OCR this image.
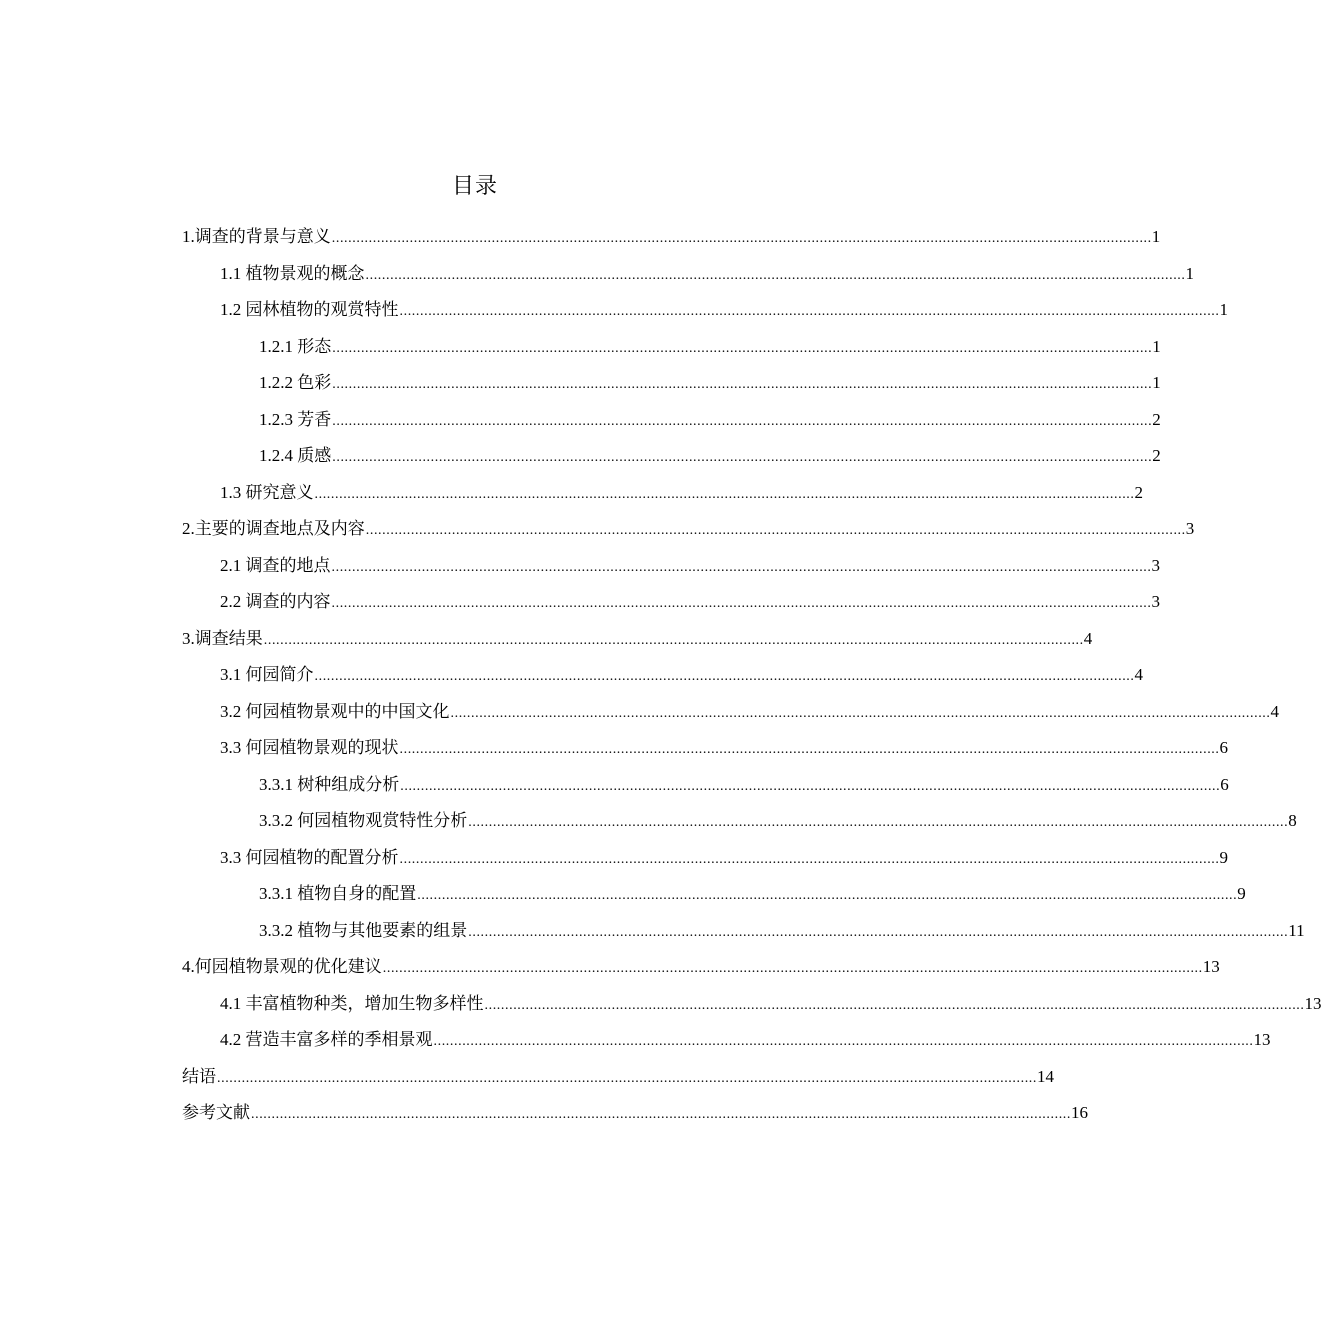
目录
1.调查的背景与意义 ........................................................................................................................................................................................................ 1
1.1 植物景观的概念 ........................................................................................................................................................................................................ 1
1.2 园林植物的观赏特性 ........................................................................................................................................................................................................ 1
1.2.1 形态 ........................................................................................................................................................................................................ 1
1.2.2 色彩 ........................................................................................................................................................................................................ 1
1.2.3 芳香 ........................................................................................................................................................................................................ 2
1.2.4 质感 ........................................................................................................................................................................................................ 2
1.3 研究意义 ........................................................................................................................................................................................................ 2
2.主要的调查地点及内容 ........................................................................................................................................................................................................ 3
2.1 调查的地点 ........................................................................................................................................................................................................ 3
2.2 调查的内容 ........................................................................................................................................................................................................ 3
3.调查结果 ........................................................................................................................................................................................................ 4
3.1 何园简介 ........................................................................................................................................................................................................ 4
3.2 何园植物景观中的中国文化 ........................................................................................................................................................................................................ 4
3.3 何园植物景观的现状 ........................................................................................................................................................................................................ 6
3.3.1 树种组成分析 ........................................................................................................................................................................................................ 6
3.3.2 何园植物观赏特性分析 ........................................................................................................................................................................................................ 8
3.3 何园植物的配置分析 ........................................................................................................................................................................................................ 9
3.3.1 植物自身的配置 ........................................................................................................................................................................................................ 9
3.3.2 植物与其他要素的组景 ........................................................................................................................................................................................................ 11
4.何园植物景观的优化建议 ........................................................................................................................................................................................................ 13
4.1 丰富植物种类，增加生物多样性 ........................................................................................................................................................................................................ 13
4.2 营造丰富多样的季相景观 ........................................................................................................................................................................................................ 13
结语 ........................................................................................................................................................................................................ 14
参考文献 ........................................................................................................................................................................................................ 16
